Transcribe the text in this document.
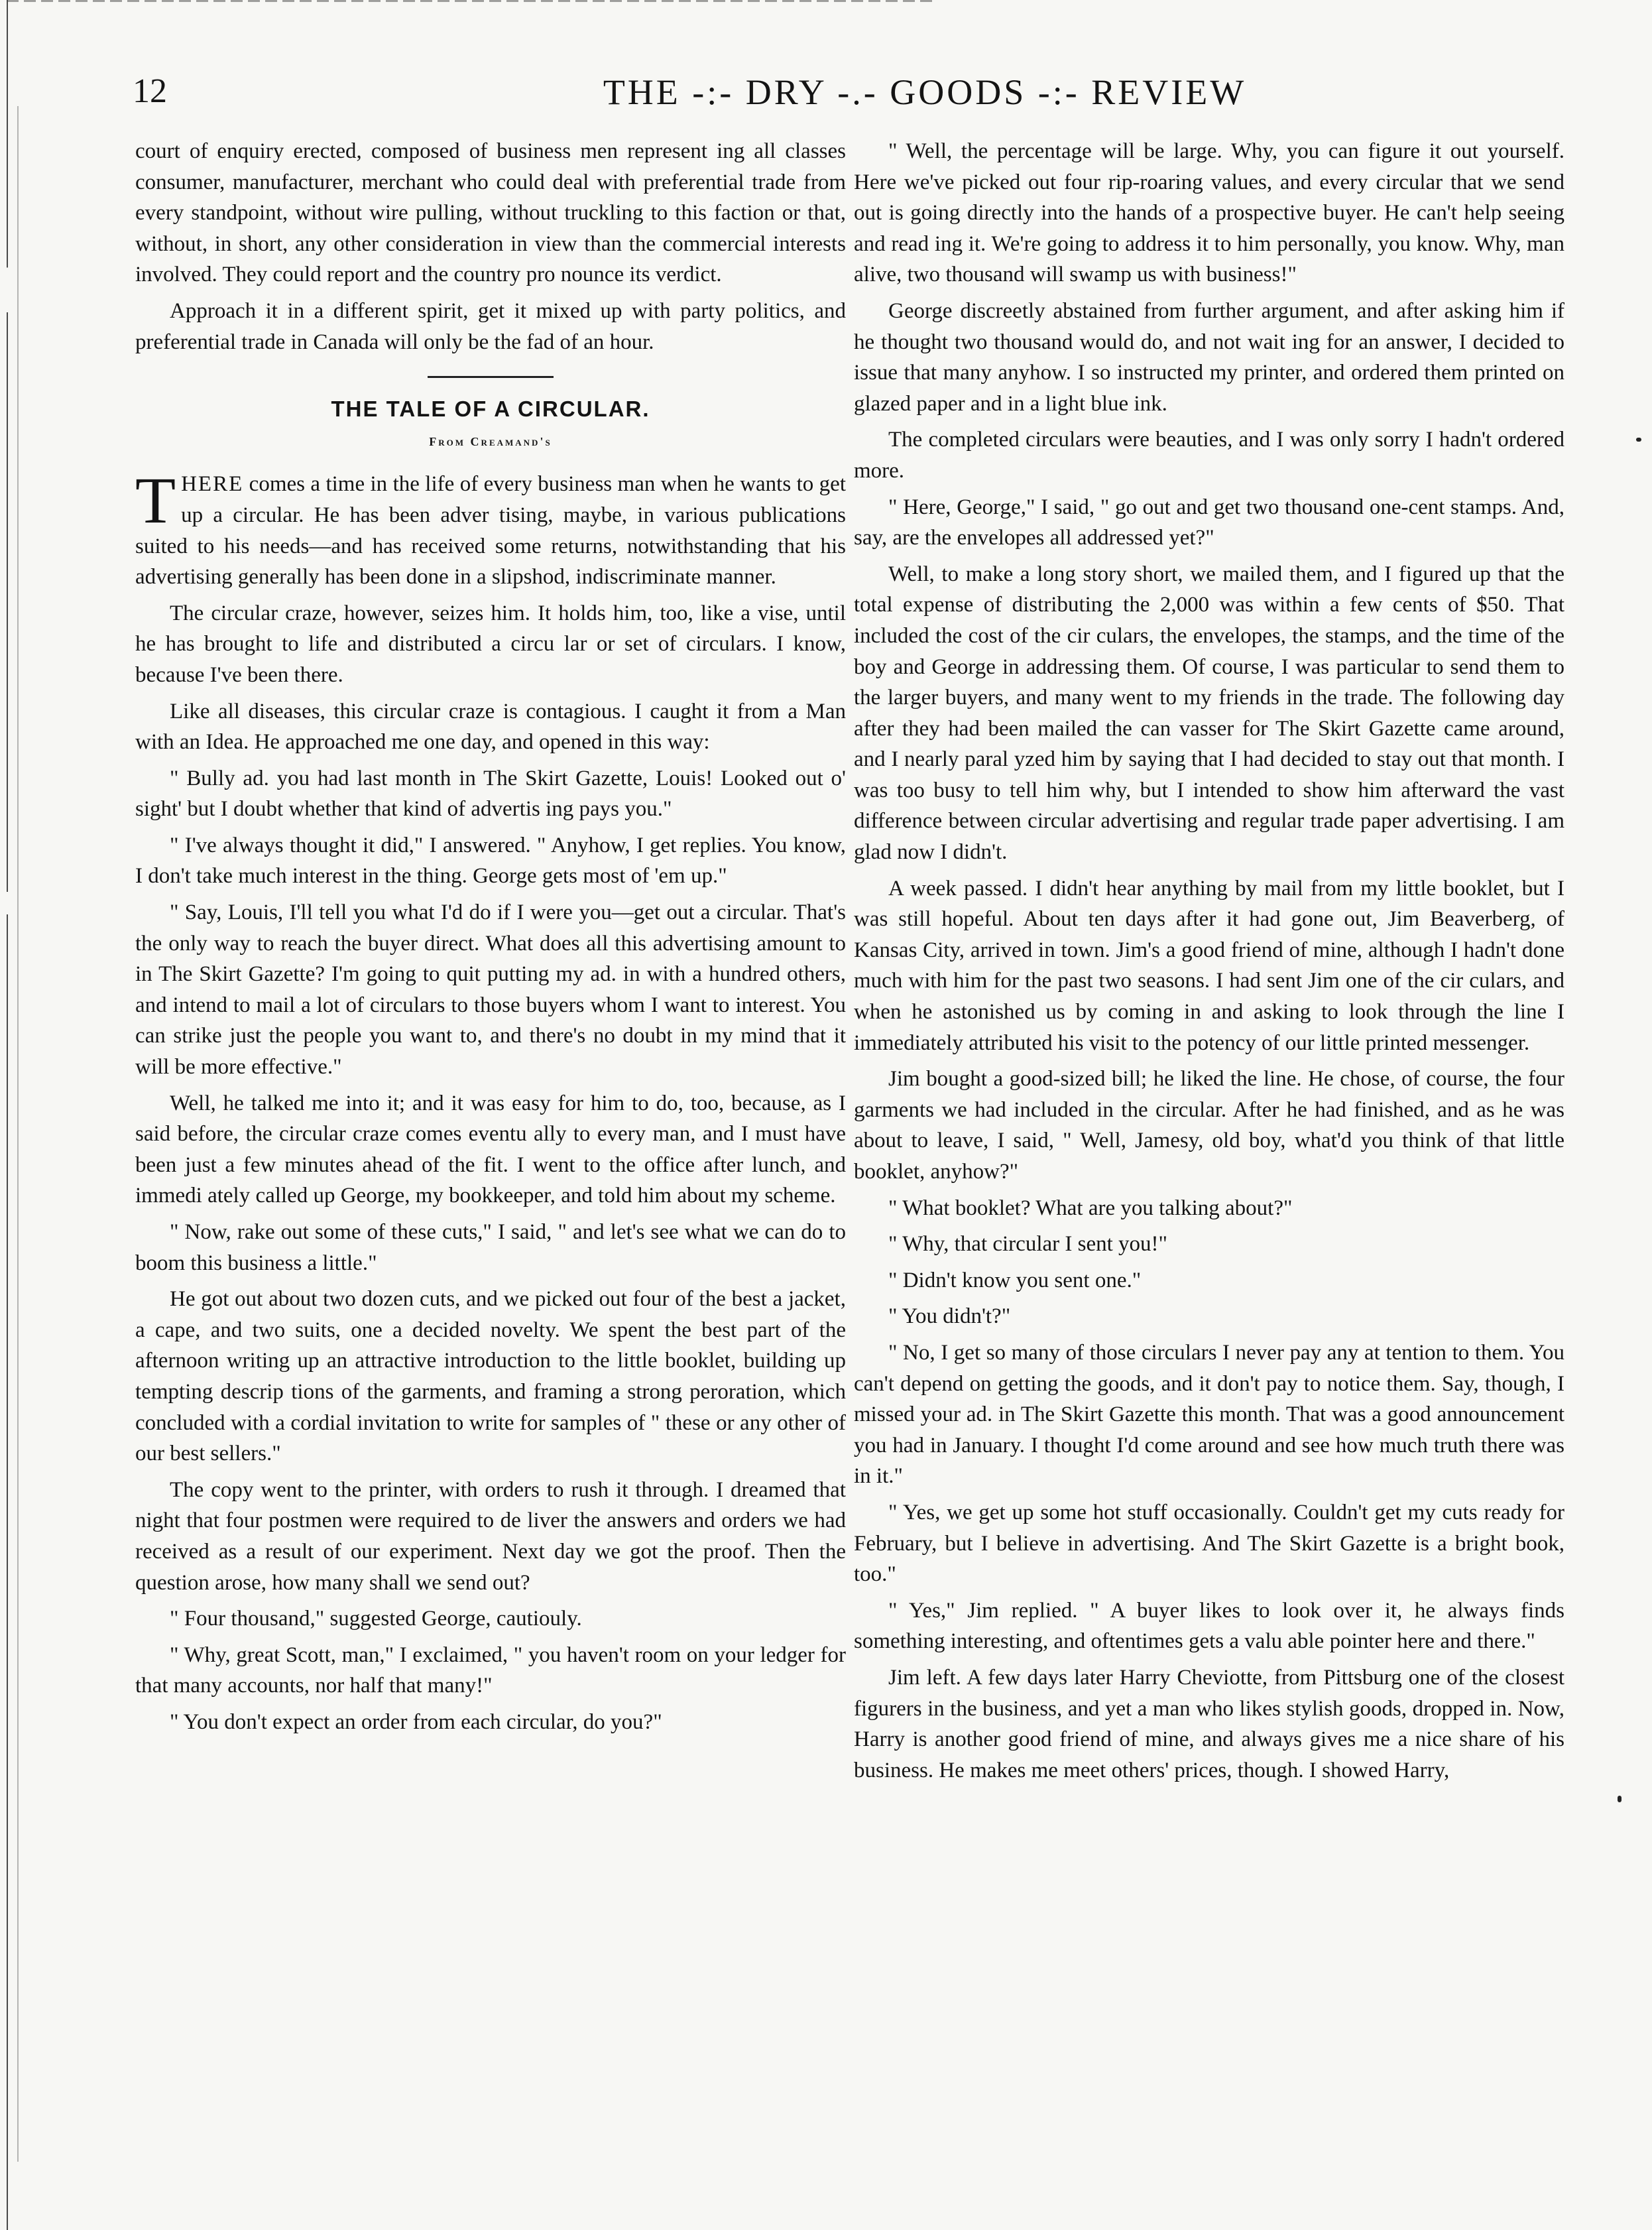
12	THE -:- DRY -.- GOODS -:- REVIEW

court of enquiry erected, composed of business men represent ing all classes consumer, manufacturer, merchant who could deal with preferential trade from every standpoint, without wire pulling, without truckling to this faction or that, without, in short, any other consideration in view than the commercial interests involved. They could report and the country pro nounce its verdict.

Approach it in a different spirit, get it mixed up with party politics, and preferential trade in Canada will only be the fad of an hour.

THE TALE OF A CIRCULAR.
From Creamand's

THERE comes a time in the life of every business man when he wants to get up a circular. He has been adver tising, maybe, in various publications suited to his needs—and has received some returns, notwithstanding that his advertising generally has been done in a slipshod, indiscriminate manner.

The circular craze, however, seizes him. It holds him, too, like a vise, until he has brought to life and distributed a circu lar or set of circulars. I know, because I've been there.

Like all diseases, this circular craze is contagious. I caught it from a Man with an Idea. He approached me one day, and opened in this way:

" Bully ad. you had last month in The Skirt Gazette, Louis! Looked out o' sight' but I doubt whether that kind of advertis ing pays you."

" I've always thought it did," I answered. " Anyhow, I get replies. You know, I don't take much interest in the thing. George gets most of 'em up."

" Say, Louis, I'll tell you what I'd do if I were you—get out a circular. That's the only way to reach the buyer direct. What does all this advertising amount to in The Skirt Gazette? I'm going to quit putting my ad. in with a hundred others, and intend to mail a lot of circulars to those buyers whom I want to interest. You can strike just the people you want to, and there's no doubt in my mind that it will be more effective."

Well, he talked me into it; and it was easy for him to do, too, because, as I said before, the circular craze comes eventu ally to every man, and I must have been just a few minutes ahead of the fit. I went to the office after lunch, and immedi ately called up George, my bookkeeper, and told him about my scheme.

" Now, rake out some of these cuts," I said, " and let's see what we can do to boom this business a little."

He got out about two dozen cuts, and we picked out four of the best a jacket, a cape, and two suits, one a decided novelty. We spent the best part of the afternoon writing up an attractive introduction to the little booklet, building up tempting descrip tions of the garments, and framing a strong peroration, which concluded with a cordial invitation to write for samples of " these or any other of our best sellers."

The copy went to the printer, with orders to rush it through. I dreamed that night that four postmen were required to de liver the answers and orders we had received as a result of our experiment. Next day we got the proof. Then the question arose, how many shall we send out?

" Four thousand," suggested George, cautiouly.

" Why, great Scott, man," I exclaimed, " you haven't room on your ledger for that many accounts, nor half that many!"

" You don't expect an order from each circular, do you?"

" Well, the percentage will be large. Why, you can figure it out yourself. Here we've picked out four rip-roaring values, and every circular that we send out is going directly into the hands of a prospective buyer. He can't help seeing and read ing it. We're going to address it to him personally, you know. Why, man alive, two thousand will swamp us with business!"

George discreetly abstained from further argument, and after asking him if he thought two thousand would do, and not wait ing for an answer, I decided to issue that many anyhow. I so instructed my printer, and ordered them printed on glazed paper and in a light blue ink.

The completed circulars were beauties, and I was only sorry I hadn't ordered more.

" Here, George," I said, " go out and get two thousand one-cent stamps. And, say, are the envelopes all addressed yet?"

Well, to make a long story short, we mailed them, and I figured up that the total expense of distributing the 2,000 was within a few cents of $50. That included the cost of the cir culars, the envelopes, the stamps, and the time of the boy and George in addressing them. Of course, I was particular to send them to the larger buyers, and many went to my friends in the trade. The following day after they had been mailed the can vasser for The Skirt Gazette came around, and I nearly paral yzed him by saying that I had decided to stay out that month. I was too busy to tell him why, but I intended to show him afterward the vast difference between circular advertising and regular trade paper advertising. I am glad now I didn't.

A week passed. I didn't hear anything by mail from my little booklet, but I was still hopeful. About ten days after it had gone out, Jim Beaverberg, of Kansas City, arrived in town. Jim's a good friend of mine, although I hadn't done much with him for the past two seasons. I had sent Jim one of the cir culars, and when he astonished us by coming in and asking to look through the line I immediately attributed his visit to the potency of our little printed messenger.

Jim bought a good-sized bill; he liked the line. He chose, of course, the four garments we had included in the circular. After he had finished, and as he was about to leave, I said, " Well, Jamesy, old boy, what'd you think of that little booklet, anyhow?"

" What booklet? What are you talking about?"

" Why, that circular I sent you!"

" Didn't know you sent one."

" You didn't?"

" No, I get so many of those circulars I never pay any at tention to them. You can't depend on getting the goods, and it don't pay to notice them. Say, though, I missed your ad. in The Skirt Gazette this month. That was a good announcement you had in January. I thought I'd come around and see how much truth there was in it."

" Yes, we get up some hot stuff occasionally. Couldn't get my cuts ready for February, but I believe in advertising. And The Skirt Gazette is a bright book, too."

" Yes," Jim replied. " A buyer likes to look over it, he always finds something interesting, and oftentimes gets a valu able pointer here and there."

Jim left. A few days later Harry Cheviotte, from Pittsburg one of the closest figurers in the business, and yet a man who likes stylish goods, dropped in. Now, Harry is another good friend of mine, and always gives me a nice share of his business. He makes me meet others' prices, though. I showed Harry,
